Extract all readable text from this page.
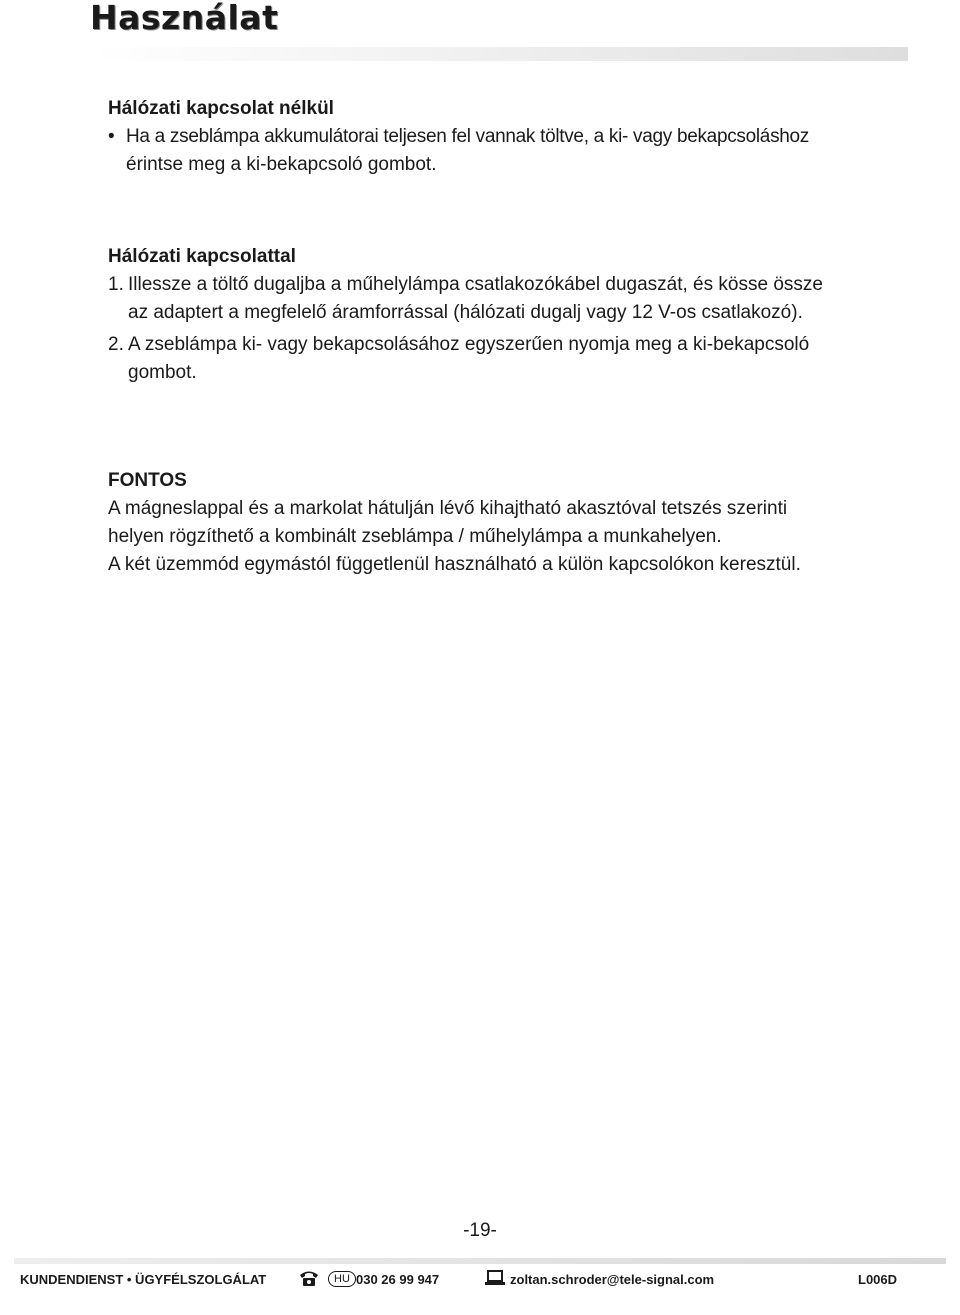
Használat
Hálózati kapcsolat nélkül
• Ha a zseblámpa akkumulátorai teljesen fel vannak töltve, a ki- vagy bekapcsoláshoz
érintse meg a ki-bekapcsoló gombot.
Hálózati kapcsolattal
1. Illessze a töltő dugaljba a műhelylámpa csatlakozókábel dugaszát, és kösse össze
az adaptert a megfelelő áramforrással (hálózati dugalj vagy 12 V-os csatlakozó).
2. A zseblámpa ki- vagy bekapcsolásához egyszerűen nyomja meg a ki-bekapcsoló
gombot.
FONTOS
A mágneslappal és a markolat hátulján lévő kihajtható akasztóval tetszés szerinti
helyen rögzíthető a kombinált zseblámpa / műhelylámpa a munkahelyen.
A két üzemmód egymástól függetlenül használható a külön kapcsolókon keresztül.
-19-
KUNDENDIENST • ÜGYFÉLSZOLGÁLAT	HU 030 26 99 947	zoltan.schroder@tele-signal.com	L006D
